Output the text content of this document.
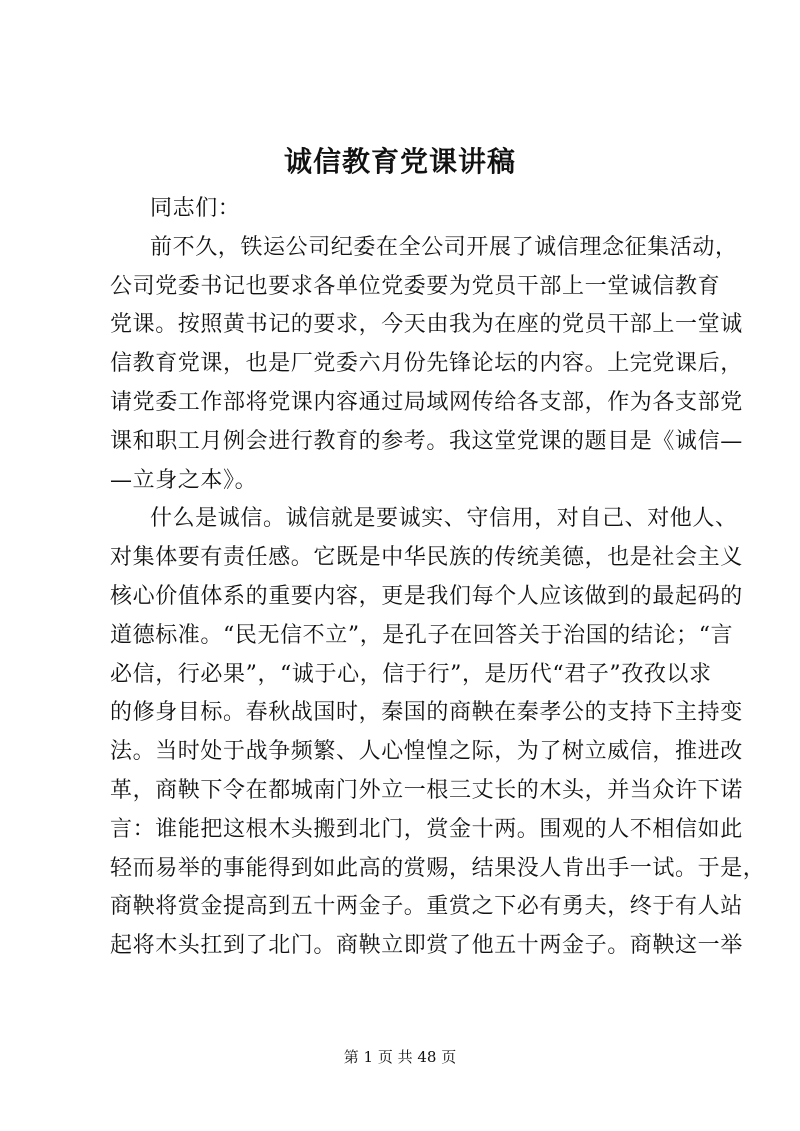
诚信教育党课讲稿
同志们：
前不久，铁运公司纪委在全公司开展了诚信理念征集活动，
公司党委书记也要求各单位党委要为党员干部上一堂诚信教育
党课。按照黄书记的要求，今天由我为在座的党员干部上一堂诚
信教育党课，也是厂党委六月份先锋论坛的内容。上完党课后，
请党委工作部将党课内容通过局域网传给各支部，作为各支部党
课和职工月例会进行教育的参考。我这堂党课的题目是《诚信—
—立身之本》。
什么是诚信。诚信就是要诚实、守信用，对自己、对他人、
对集体要有责任感。它既是中华民族的传统美德，也是社会主义
核心价值体系的重要内容，更是我们每个人应该做到的最起码的
道德标准。“民无信不立”，是孔子在回答关于治国的结论；“言
必信，行必果”，“诚于心，信于行”，是历代“君子”孜孜以求
的修身目标。春秋战国时，秦国的商鞅在秦孝公的支持下主持变
法。当时处于战争频繁、人心惶惶之际，为了树立威信，推进改
革，商鞅下令在都城南门外立一根三丈长的木头，并当众许下诺
言：谁能把这根木头搬到北门，赏金十两。围观的人不相信如此
轻而易举的事能得到如此高的赏赐，结果没人肯出手一试。于是，
商鞅将赏金提高到五十两金子。重赏之下必有勇夫，终于有人站
起将木头扛到了北门。商鞅立即赏了他五十两金子。商鞅这一举
第 1 页 共 48 页
